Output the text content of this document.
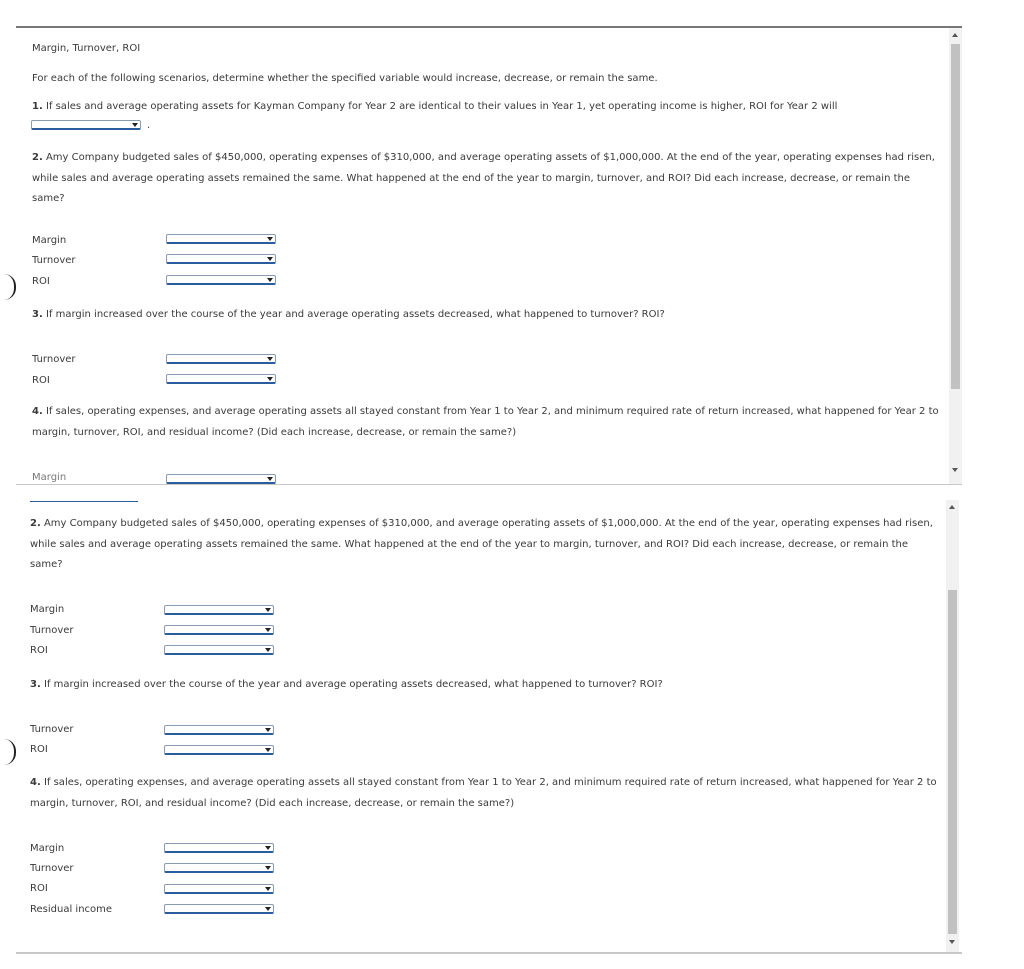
Margin, Turnover, ROI
For each of the following scenarios, determine whether the specified variable would increase, decrease, or remain the same.
1. If sales and average operating assets for Kayman Company for Year 2 are identical to their values in Year 1, yet operating income is higher, ROI for Year 2 will
.
2. Amy Company budgeted sales of $450,000, operating expenses of $310,000, and average operating assets of $1,000,000. At the end of the year, operating expenses had risen, while sales and average operating assets remained the same. What happened at the end of the year to margin, turnover, and ROI? Did each increase, decrease, or remain the same?
Margin
Turnover
ROI
3. If margin increased over the course of the year and average operating assets decreased, what happened to turnover? ROI?
Turnover
ROI
4. If sales, operating expenses, and average operating assets all stayed constant from Year 1 to Year 2, and minimum required rate of return increased, what happened for Year 2 to margin, turnover, ROI, and residual income? (Did each increase, decrease, or remain the same?)
Margin
2. Amy Company budgeted sales of $450,000, operating expenses of $310,000, and average operating assets of $1,000,000. At the end of the year, operating expenses had risen, while sales and average operating assets remained the same. What happened at the end of the year to margin, turnover, and ROI? Did each increase, decrease, or remain the same?
Margin
Turnover
ROI
3. If margin increased over the course of the year and average operating assets decreased, what happened to turnover? ROI?
Turnover
ROI
4. If sales, operating expenses, and average operating assets all stayed constant from Year 1 to Year 2, and minimum required rate of return increased, what happened for Year 2 to margin, turnover, ROI, and residual income? (Did each increase, decrease, or remain the same?)
Margin
Turnover
ROI
Residual income
